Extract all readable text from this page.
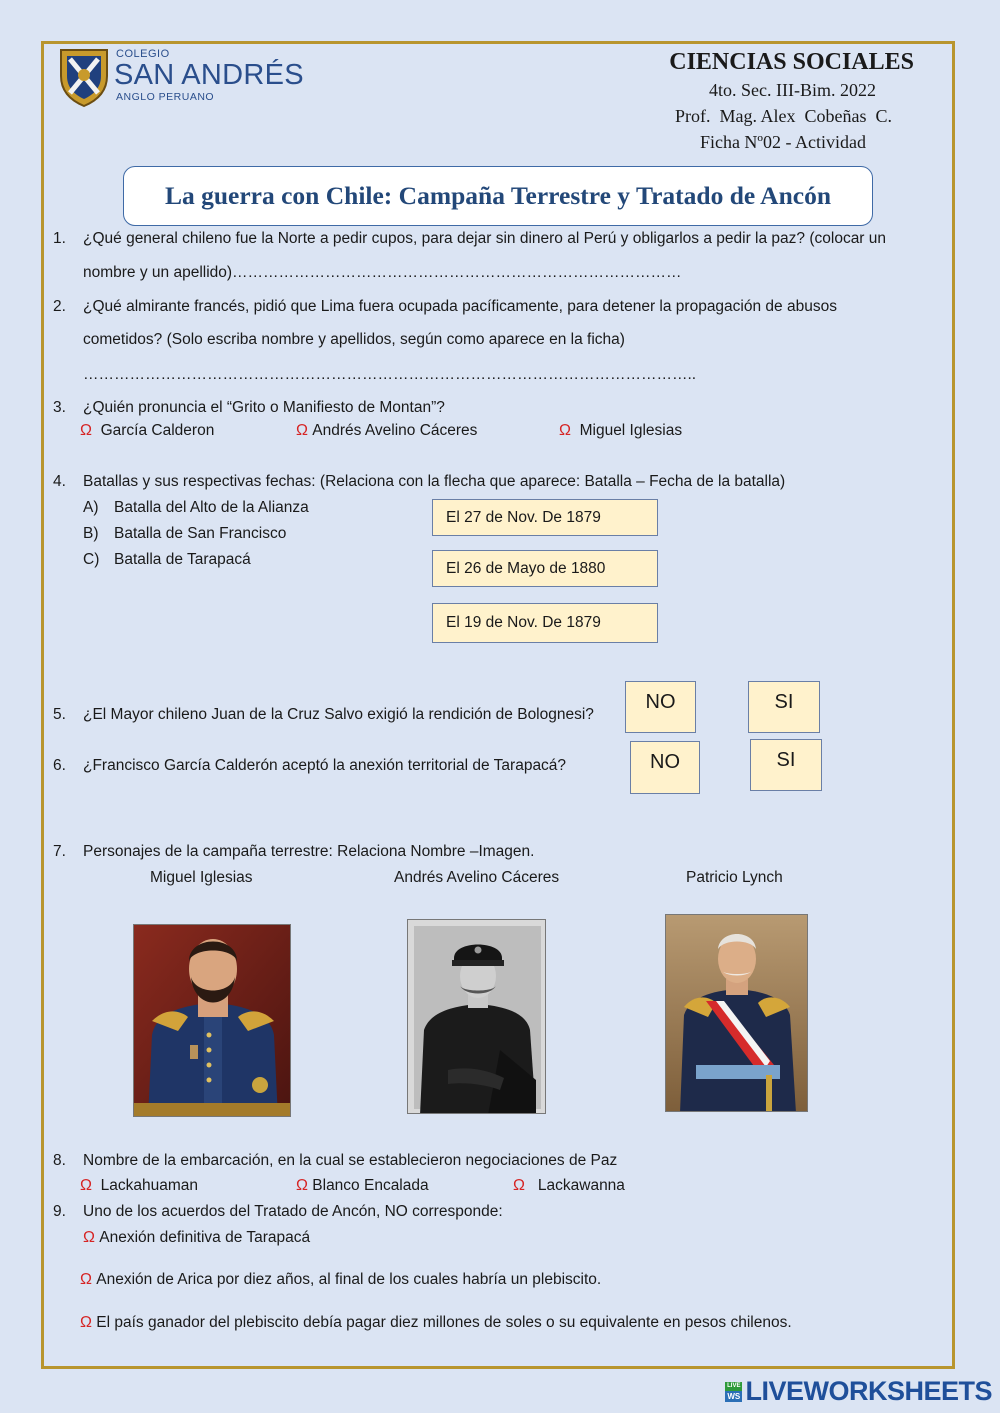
COLEGIO
SAN ANDRÉS
ANGLO PERUANO
CIENCIAS SOCIALES
4to. Sec. III-Bim. 2022
Prof.  Mag. Alex  Cobeñas  C.
Ficha Nº02 - Actividad
La guerra con Chile: Campaña Terrestre y Tratado de Ancón
1. ¿Qué general chileno fue la Norte a pedir cupos, para dejar sin dinero al Perú y obligarlos a pedir la paz? (colocar un
nombre y un apellido)……………………………………………………………………………
2. ¿Qué almirante francés, pidió que Lima fuera ocupada pacíficamente, para detener la propagación de abusos
cometidos? (Solo escriba nombre y apellidos, según como aparece en la ficha)
………………………………………………………………………………………………………..
3. ¿Quién pronuncia el “Grito o Manifiesto de Montan”?
Ω García Calderon	Ω Andrés Avelino Cáceres	Ω Miguel Iglesias
4. Batallas y sus respectivas fechas: (Relaciona con la flecha que aparece: Batalla – Fecha de la batalla)
A) Batalla del Alto de la Alianza
B) Batalla de San Francisco
C) Batalla de Tarapacá
El 27 de Nov. De 1879
El 26 de Mayo de 1880
El 19 de Nov. De 1879
5. ¿El Mayor chileno Juan de la Cruz Salvo exigió la rendición de Bolognesi?
NO	SI
6. ¿Francisco García Calderón aceptó la anexión territorial de Tarapacá?	NO	SI
7. Personajes de la campaña terrestre: Relaciona Nombre –Imagen.
Miguel Iglesias	Andrés Avelino Cáceres	Patricio Lynch
8. Nombre de la embarcación, en la cual se establecieron negociaciones de Paz
Ω Lackahuaman	Ω Blanco Encalada	Ω Lackawanna
9. Uno de los acuerdos del Tratado de Ancón, NO corresponde:
Ω Anexión definitiva de Tarapacá
Ω Anexión de Arica por diez años, al final de los cuales habría un plebiscito.
Ω El país ganador del plebiscito debía pagar diez millones de soles o su equivalente en pesos chilenos.
LIVE
WS LIVEWORKSHEETS
